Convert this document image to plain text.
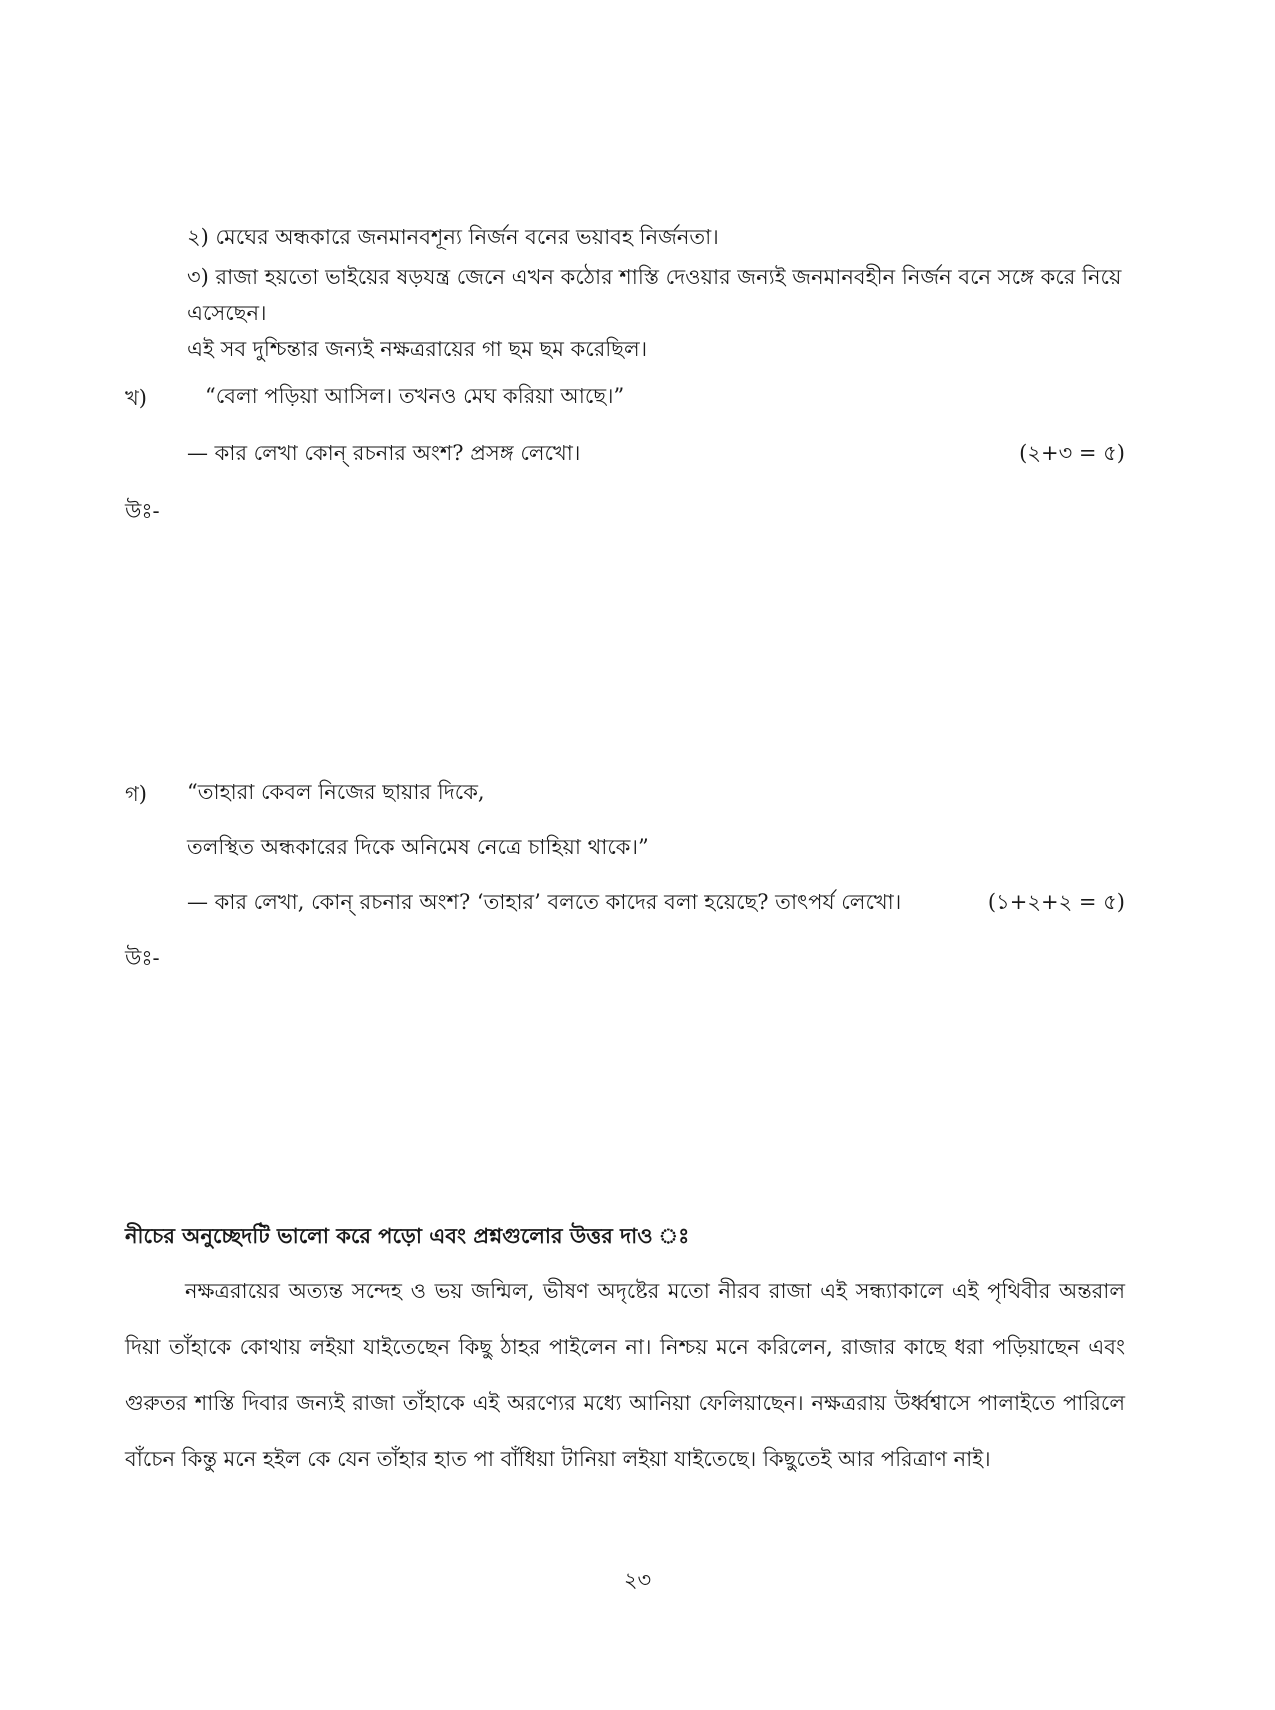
২) মেঘের অন্ধকারে জনমানবশূন্য নির্জন বনের ভয়াবহ নির্জনতা।
৩) রাজা হয়তো ভাইয়ের ষড়যন্ত্র জেনে এখন কঠোর শাস্তি দেওয়ার জন্যই জনমানবহীন নির্জন বনে সঙ্গে করে নিয়ে
এসেছেন।
এই সব দুশ্চিন্তার জন্যই নক্ষত্ররায়ের গা ছম ছম করেছিল।
খ)	“বেলা পড়িয়া আসিল। তখনও মেঘ করিয়া আছে।”
— কার লেখা কোন্ রচনার অংশ? প্রসঙ্গ লেখো।	(২+৩ = ৫)
উঃ-
গ) “তাহারা কেবল নিজের ছায়ার দিকে,
তলস্থিত অন্ধকারের দিকে অনিমেষ নেত্রে চাহিয়া থাকে।”
— কার লেখা, কোন্ রচনার অংশ? ‘তাহার’ বলতে কাদের বলা হয়েছে? তাৎপর্য লেখো।	(১+২+২ = ৫)
উঃ-
নীচের অনুচ্ছেদটি ভালো করে পড়ো এবং প্রশ্নগুলোর উত্তর দাও ঃ
নক্ষত্ররায়ের অত্যন্ত সন্দেহ ও ভয় জন্মিল, ভীষণ অদৃষ্টের মতো নীরব রাজা এই সন্ধ্যাকালে এই পৃথিবীর অন্তরাল দিয়া তাঁহাকে কোথায় লইয়া যাইতেছেন কিছু ঠাহর পাইলেন না। নিশ্চয় মনে করিলেন, রাজার কাছে ধরা পড়িয়াছেন এবং গুরুতর শাস্তি দিবার জন্যই রাজা তাঁহাকে এই অরণ্যের মধ্যে আনিয়া ফেলিয়াছেন। নক্ষত্ররায় উর্ধ্বশ্বাসে পালাইতে পারিলে বাঁচেন কিন্তু মনে হইল কে যেন তাঁহার হাত পা বাঁধিয়া টানিয়া লইয়া যাইতেছে। কিছুতেই আর পরিত্রাণ নাই।
২৩
